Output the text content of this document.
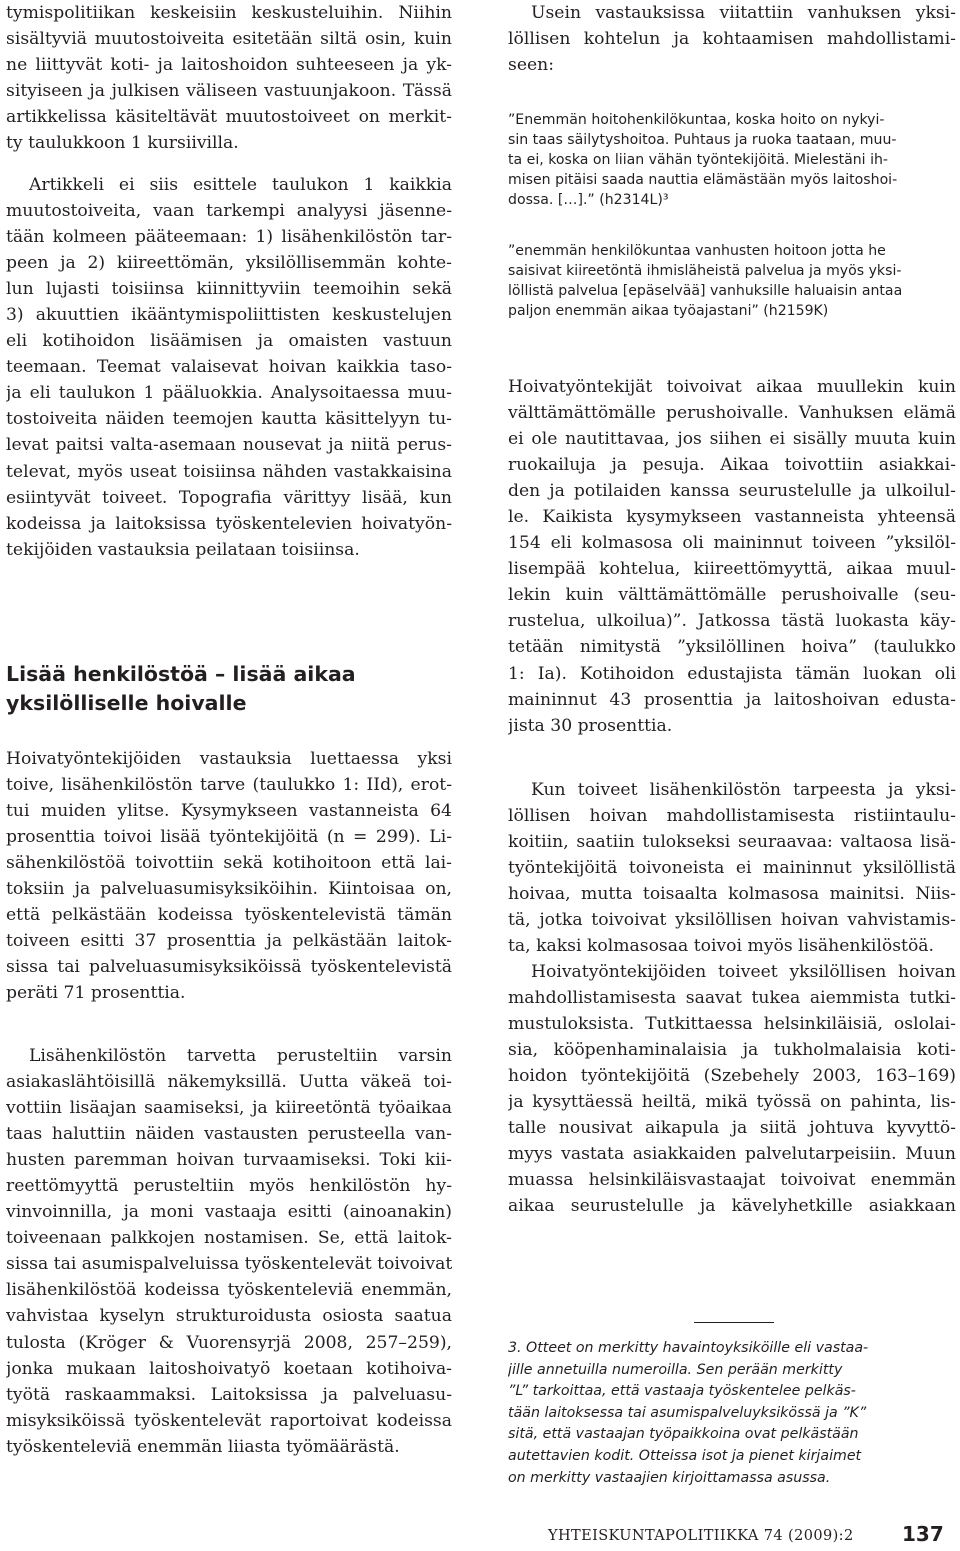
tymispolitiikan keskeisiin keskusteluihin. Niihin
sisältyviä muutostoiveita esitetään siltä osin, kuin
ne liittyvät koti- ja laitoshoidon suhteeseen ja yk-
sityiseen ja julkisen väliseen vastuunjakoon. Tässä
artikkelissa käsiteltävät muutostoiveet on merkit-
ty taulukkoon 1 kursiivilla.
Artikkeli ei siis esittele taulukon 1 kaikkia
muutostoiveita, vaan tarkempi analyysi jäsenne-
tään kolmeen pääteemaan: 1) lisähenkilöstön tar-
peen ja 2) kiireettömän, yksilöllisemmän kohte-
lun lujasti toisiinsa kiinnittyviin teemoihin sekä
3) akuuttien ikääntymispoliittisten keskustelujen
eli kotihoidon lisäämisen ja omaisten vastuun
teemaan. Teemat valaisevat hoivan kaikkia taso-
ja eli taulukon 1 pääluokkia. Analysoitaessa muu-
tostoiveita näiden teemojen kautta käsittelyyn tu-
levat paitsi valta-asemaan nousevat ja niitä perus-
televat, myös useat toisiinsa nähden vastakkaisina
esiintyvät toiveet. Topografia värittyy lisää, kun
kodeissa ja laitoksissa työskentelevien hoivatyön-
tekijöiden vastauksia peilataan toisiinsa.
Lisää henkilöstöä – lisää aikaa
yksilölliselle hoivalle
Hoivatyöntekijöiden vastauksia luettaessa yksi
toive, lisähenkilöstön tarve (taulukko 1: IId), erot-
tui muiden ylitse. Kysymykseen vastanneista 64
prosenttia toivoi lisää työntekijöitä (n = 299). Li-
sähenkilöstöä toivottiin sekä kotihoitoon että lai-
toksiin ja palveluasumisyksiköihin. Kiintoisaa on,
että pelkästään kodeissa työskentelevistä tämän
toiveen esitti 37 prosenttia ja pelkästään laitok-
sissa tai palveluasumisyksiköissä työskentelevistä
peräti 71 prosenttia.
Lisähenkilöstön tarvetta perusteltiin varsin
asiakaslähtöisillä näkemyksillä. Uutta väkeä toi-
vottiin lisäajan saamiseksi, ja kiireetöntä työaikaa
taas haluttiin näiden vastausten perusteella van-
husten paremman hoivan turvaamiseksi. Toki kii-
reettömyyttä perusteltiin myös henkilöstön hy-
vinvoinnilla, ja moni vastaaja esitti (ainoanakin)
toiveenaan palkkojen nostamisen. Se, että laitok-
sissa tai asumispalveluissa työskentelevät toivoivat
lisähenkilöstöä kodeissa työskenteleviä enemmän,
vahvistaa kyselyn strukturoidusta osiosta saatua
tulosta (Kröger & Vuorensyrjä 2008, 257–259),
jonka mukaan laitoshoivatyö koetaan kotihoiva-
työtä raskaammaksi. Laitoksissa ja palveluasu-
misyksiköissä työskentelevät raportoivat kodeissa
työskenteleviä enemmän liiasta työmäärästä.
Usein vastauksissa viitattiin vanhuksen yksi-
löllisen kohtelun ja kohtaamisen mahdollistami-
seen:
”Enemmän hoitohenkilökuntaa, koska hoito on nykyi-
sin taas säilytyshoitoa. Puhtaus ja ruoka taataan, muu-
ta ei, koska on liian vähän työntekijöitä. Mielestäni ih-
misen pitäisi saada nauttia elämästään myös laitoshoi-
dossa. […].” (h2314L)³
”enemmän henkilökuntaa vanhusten hoitoon jotta he
saisivat kiireetöntä ihmisläheistä palvelua ja myös yksi-
löllistä palvelua [epäselvää] vanhuksille haluaisin antaa
paljon enemmän aikaa työajastani” (h2159K)
Hoivatyöntekijät toivoivat aikaa muullekin kuin
välttämättömälle perushoivalle. Vanhuksen elämä
ei ole nautittavaa, jos siihen ei sisälly muuta kuin
ruokailuja ja pesuja. Aikaa toivottiin asiakkai-
den ja potilaiden kanssa seurustelulle ja ulkoilul-
le. Kaikista kysymykseen vastanneista yhteensä
154 eli kolmasosa oli maininnut toiveen ”yksilöl-
lisempää kohtelua, kiireettömyyttä, aikaa muul-
lekin kuin välttämättömälle perushoivalle (seu-
rustelua, ulkoilua)”. Jatkossa tästä luokasta käy-
tetään nimitystä ”yksilöllinen hoiva” (taulukko
1: Ia). Kotihoidon edustajista tämän luokan oli
maininnut 43 prosenttia ja laitoshoivan edusta-
jista 30 prosenttia.
Kun toiveet lisähenkilöstön tarpeesta ja yksi-
löllisen hoivan mahdollistamisesta ristiintaulu-
koitiin, saatiin tulokseksi seuraavaa: valtaosa lisä-
työntekijöitä toivoneista ei maininnut yksilöllistä
hoivaa, mutta toisaalta kolmasosa mainitsi. Niis-
tä, jotka toivoivat yksilöllisen hoivan vahvistamis-
ta, kaksi kolmasosaa toivoi myös lisähenkilöstöä.
Hoivatyöntekijöiden toiveet yksilöllisen hoivan
mahdollistamisesta saavat tukea aiemmista tutki-
mustuloksista. Tutkittaessa helsinkiläisiä, oslolai-
sia, kööpenhaminalaisia ja tukholmalaisia koti-
hoidon työntekijöitä (Szebehely 2003, 163–169)
ja kysyttäessä heiltä, mikä työssä on pahinta, lis-
talle nousivat aikapula ja siitä johtuva kyvyttö-
myys vastata asiakkaiden palvelutarpeisiin. Muun
muassa helsinkiläisvastaajat toivoivat enemmän
aikaa seurustelulle ja kävelyhetkille asiakkaan
3. Otteet on merkitty havaintoyksiköille eli vastaa-
jille annetuilla numeroilla. Sen perään merkitty
”L” tarkoittaa, että vastaaja työskentelee pelkäs-
tään laitoksessa tai asumispalveluyksikössä ja ”K”
sitä, että vastaajan työpaikkoina ovat pelkästään
autettavien kodit. Otteissa isot ja pienet kirjaimet
on merkitty vastaajien kirjoittamassa asussa.
YHTEISKUNTAPOLITIIKKA 74 (2009):2 137
